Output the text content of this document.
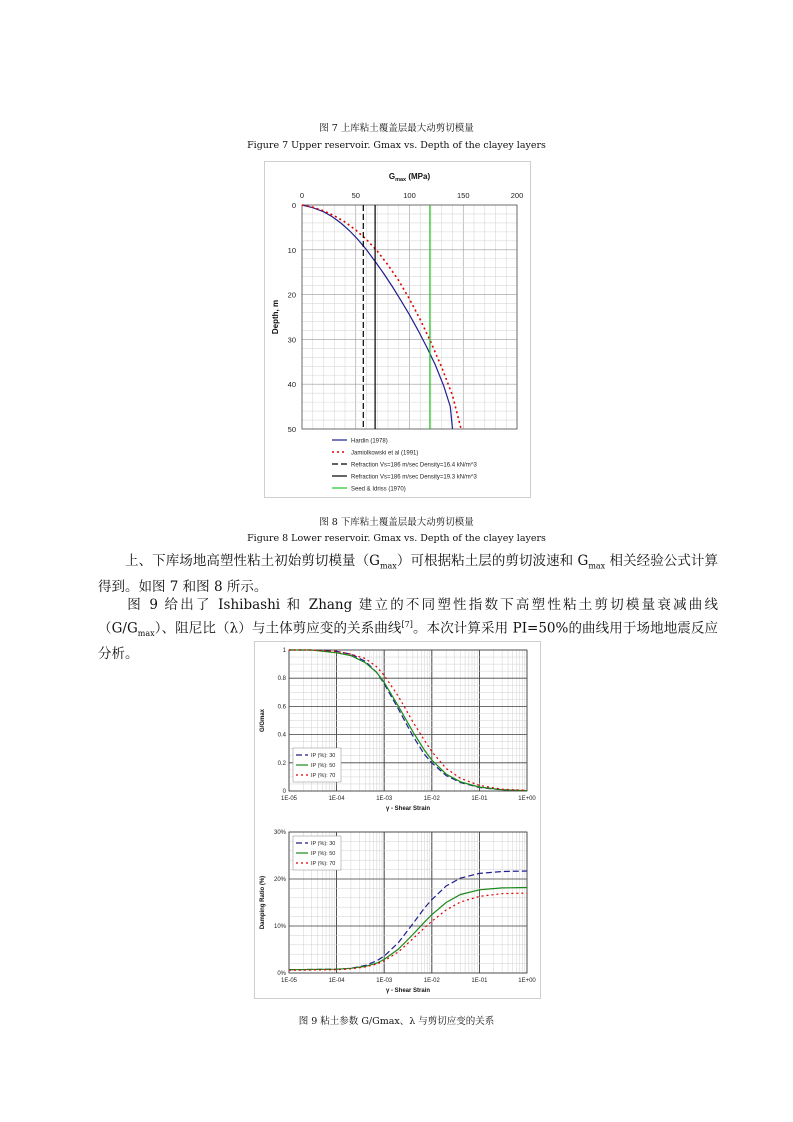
图 7 上库粘土覆盖层最大动剪切模量
Figure 7 Upper reservoir. Gmax vs. Depth of the clayey layers
0	50	100	150	200
0
10
20
30
40
50
$G_{max}$ (MPa)
Depth, m
Hardin (1978)
Jamiolkowski et al (1991)
Refraction Vs=186 m/sec Density=16.4 kN/m^3
Refraction Vs=186 m/sec Density=19.3 kN/m^3
Seed & Idriss (1970)
图 8 下库粘土覆盖层最大动剪切模量
Figure 8 Lower reservoir. Gmax vs. Depth of the clayey layers
上、下库场地高塑性粘土初始剪切模量$(G_{max})$可根据粘土层的剪切波速和 $G_{max}$ 相关经验公式计算得到。如图 7 和图 8 所示。
图 9 给出了 Ishibashi 和 Zhang 建立的不同塑性指数下高塑性粘土剪切模量衰减曲线$(G/G_{max})$、阻尼比（λ）与土体剪应变的关系曲线[7]。本次计算采用 PI=50%的曲线用于场地地震反应分析。
1E-05	1E-04	1E-03	1E-02	1E-01	1E+00
0
0.2
0.4
0.6
0.8
1
γ - Shear Strain
G/Gmax
IP (%): 30
IP (%): 50
IP (%): 70
1E-05	1E-04	1E-03	1E-02	1E-01	1E+00
0%
10%
20%
30%
γ - Shear Strain
Damping Ratio (%)
IP (%): 30
IP (%): 50
IP (%): 70
图 9 粘土参数 G/Gmax、λ 与剪切应变的关系
